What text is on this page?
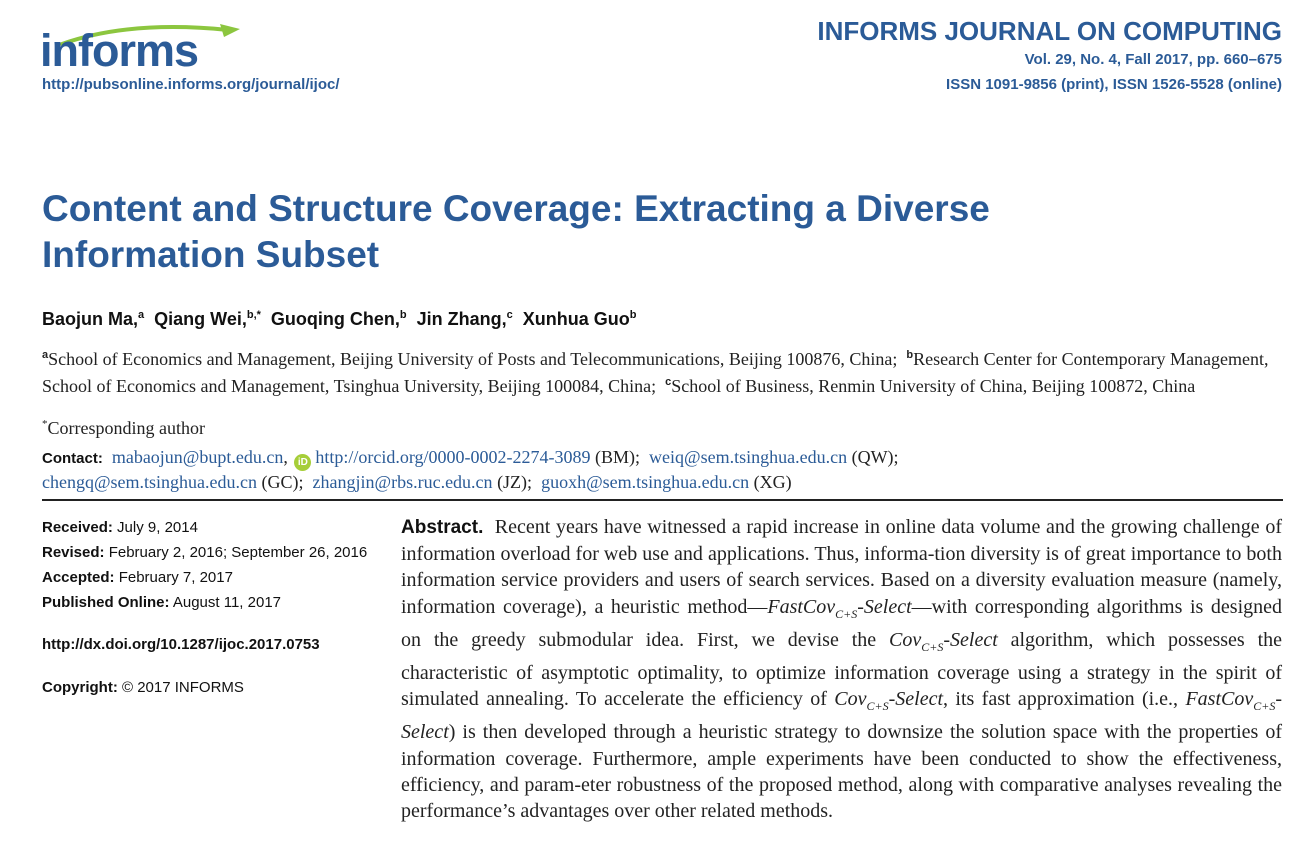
informs
http://pubsonline.informs.org/journal/ijoc/
INFORMS JOURNAL ON COMPUTING
Vol. 29, No. 4, Fall 2017, pp. 660–675
ISSN 1091-9856 (print), ISSN 1526-5528 (online)
Content and Structure Coverage: Extracting a Diverse
Information Subset
Baojun Ma,$^a$ Qiang Wei,$^{b,*}$ Guoqing Chen,$^b$ Jin Zhang,$^c$ Xunhua Guo$^b$
$^a$School of Economics and Management, Beijing University of Posts and Telecommunications, Beijing 100876, China; $^b$Research Center for Contemporary Management, School of Economics and Management, Tsinghua University, Beijing 100084, China; $^c$School of Business, Renmin University of China, Beijing 100872, China
*Corresponding author
Contact: mabaojun@bupt.edu.cn, iD http://orcid.org/0000-0002-2274-3089 (BM); weiq@sem.tsinghua.edu.cn (QW);
chengq@sem.tsinghua.edu.cn (GC); zhangjin@rbs.ruc.edu.cn (JZ); guoxh@sem.tsinghua.edu.cn (XG)
Received: July 9, 2014
Revised: February 2, 2016; September 26, 2016
Accepted: February 7, 2017
Published Online: August 11, 2017
http://dx.doi.org/10.1287/ijoc.2017.0753
Copyright: © 2017 INFORMS

Abstract. Recent years have witnessed a rapid increase in online data volume and the growing challenge of information overload for web use and applications. Thus, informa-tion diversity is of great importance to both information service providers and users of search services. Based on a diversity evaluation measure (namely, information coverage), a heuristic method—FastCov$_{C+S}$-Select—with corresponding algorithms is designed on the greedy submodular idea. First, we devise the Cov$_{C+S}$-Select algorithm, which possesses the characteristic of asymptotic optimality, to optimize information coverage using a strategy in the spirit of simulated annealing. To accelerate the efficiency of Cov$_{C+S}$-Select, its fast approximation (i.e., FastCov$_{C+S}$-Select) is then developed through a heuristic strategy to downsize the solution space with the properties of information coverage. Furthermore, ample experiments have been conducted to show the effectiveness, efficiency, and param-eter robustness of the proposed method, along with comparative analyses revealing the performance’s advantages over other related methods.
